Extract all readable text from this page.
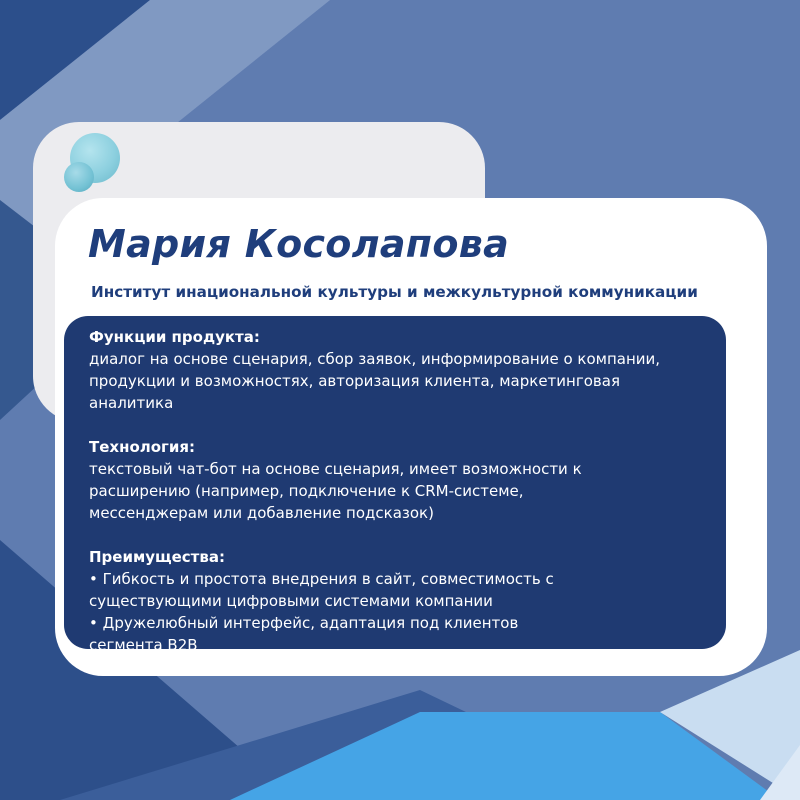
Мария Косолапова

Институт инациональной культуры и межкультурной коммуникации

Функции продукта:
диалог на основе сценария, сбор заявок, информирование о компании,
продукции и возможностях, авторизация клиента, маркетинговая
аналитика
Технология:
текстовый чат-бот на основе сценария, имеет возможности к
расширению (например, подключение к CRM-системе,
мессенджерам или добавление подсказок)
Преимущества:
• Гибкость и простота внедрения в сайт, совместимость с
существующими цифровыми системами компании
• Дружелюбный интерфейс, адаптация под клиентов
сегмента B2B
